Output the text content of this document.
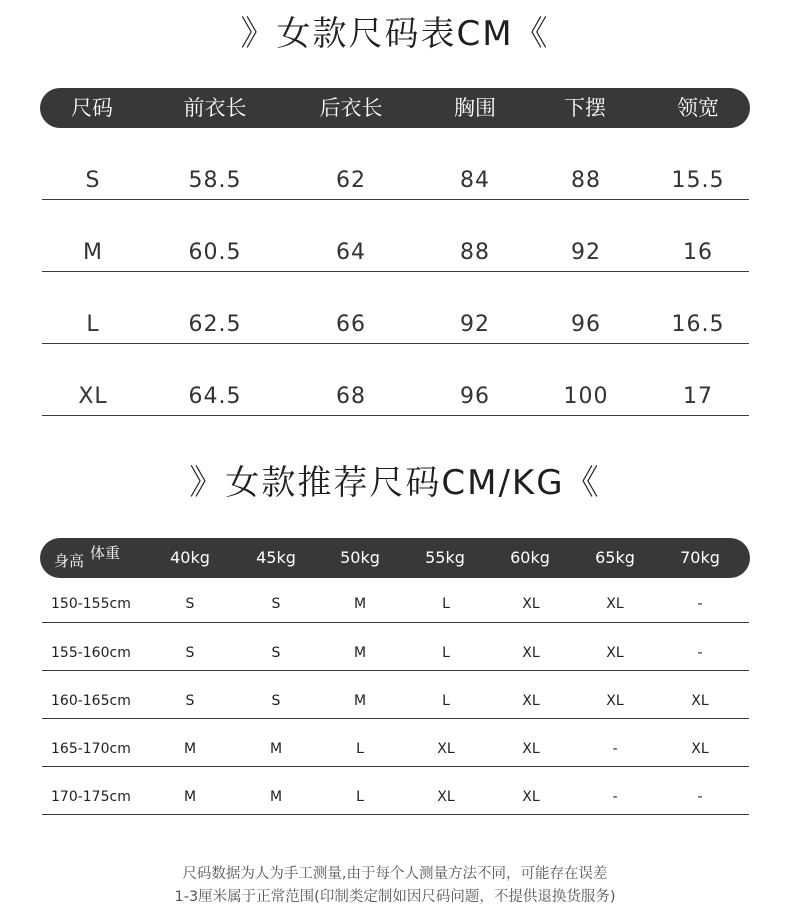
》女款尺码表CM《
尺码	前衣长	后衣长	胸围	下摆	领宽
S	58.5	62	84	88	15.5
M	60.5	64	88	92	16
L	62.5	66	92	96	16.5
XL	64.5	68	96	100	17
》女款推荐尺码CM/KG《
身高 体重	40kg	45kg	50kg	55kg	60kg	65kg	70kg
150-155cm	S	S	M	L	XL	XL	-
155-160cm	S	S	M	L	XL	XL	-
160-165cm	S	S	M	L	XL	XL	XL
165-170cm	M	M	L	XL	XL	-	XL
170-175cm	M	M	L	XL	XL	-	-
尺码数据为人为手工测量,由于每个人测量方法不同，可能存在误差
1-3厘米属于正常范围(印制类定制如因尺码问题，不提供退换货服务)
